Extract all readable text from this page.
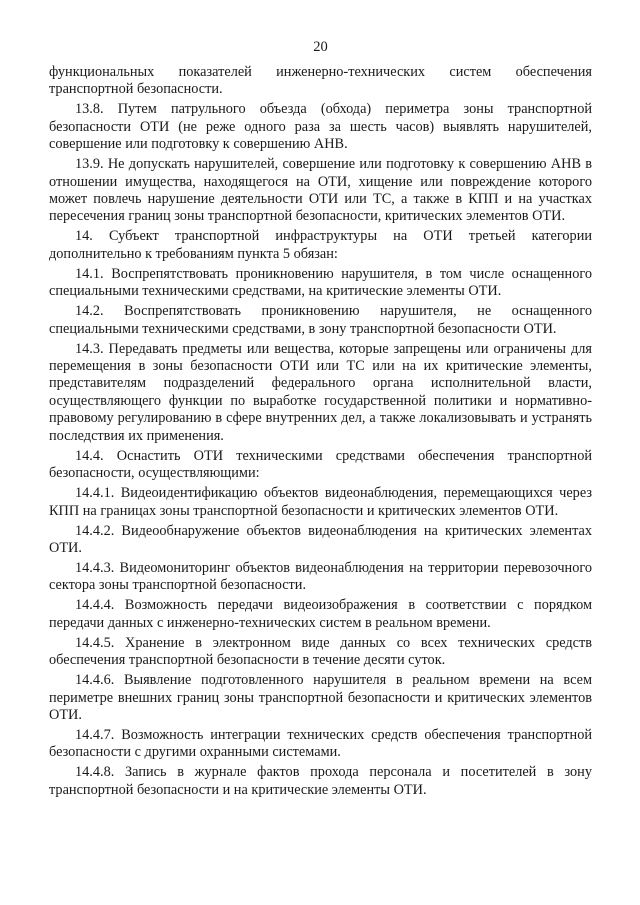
20

функциональных показателей инженерно-технических систем обеспечения транспортной безопасности.

13.8. Путем патрульного объезда (обхода) периметра зоны транспортной безопасности ОТИ (не реже одного раза за шесть часов) выявлять нарушителей, совершение или подготовку к совершению АНВ.

13.9. Не допускать нарушителей, совершение или подготовку к совершению АНВ в отношении имущества, находящегося на ОТИ, хищение или повреждение которого может повлечь нарушение деятельности ОТИ или ТС, а также в КПП и на участках пересечения границ зоны транспортной безопасности, критических элементов ОТИ.

14. Субъект транспортной инфраструктуры на ОТИ третьей категории дополнительно к требованиям пункта 5 обязан:

14.1. Воспрепятствовать проникновению нарушителя, в том числе оснащенного специальными техническими средствами, на критические элементы ОТИ.

14.2. Воспрепятствовать проникновению нарушителя, не оснащенного специальными техническими средствами, в зону транспортной безопасности ОТИ.

14.3. Передавать предметы или вещества, которые запрещены или ограничены для перемещения в зоны безопасности ОТИ или ТС или на их критические элементы, представителям подразделений федерального органа исполнительной власти, осуществляющего функции по выработке государственной политики и нормативно-правовому регулированию в сфере внутренних дел, а также локализовывать и устранять последствия их применения.

14.4. Оснастить ОТИ техническими средствами обеспечения транспортной безопасности, осуществляющими:

14.4.1. Видеоидентификацию объектов видеонаблюдения, перемещающихся через КПП на границах зоны транспортной безопасности и критических элементов ОТИ.

14.4.2. Видеообнаружение объектов видеонаблюдения на критических элементах ОТИ.

14.4.3. Видеомониторинг объектов видеонаблюдения на территории перевозочного сектора зоны транспортной безопасности.

14.4.4. Возможность передачи видеоизображения в соответствии с порядком передачи данных с инженерно-технических систем в реальном времени.

14.4.5. Хранение в электронном виде данных со всех технических средств обеспечения транспортной безопасности в течение десяти суток.

14.4.6. Выявление подготовленного нарушителя в реальном времени на всем периметре внешних границ зоны транспортной безопасности и критических элементов ОТИ.

14.4.7. Возможность интеграции технических средств обеспечения транспортной безопасности с другими охранными системами.

14.4.8. Запись в журнале фактов прохода персонала и посетителей в зону транспортной безопасности и на критические элементы ОТИ.
